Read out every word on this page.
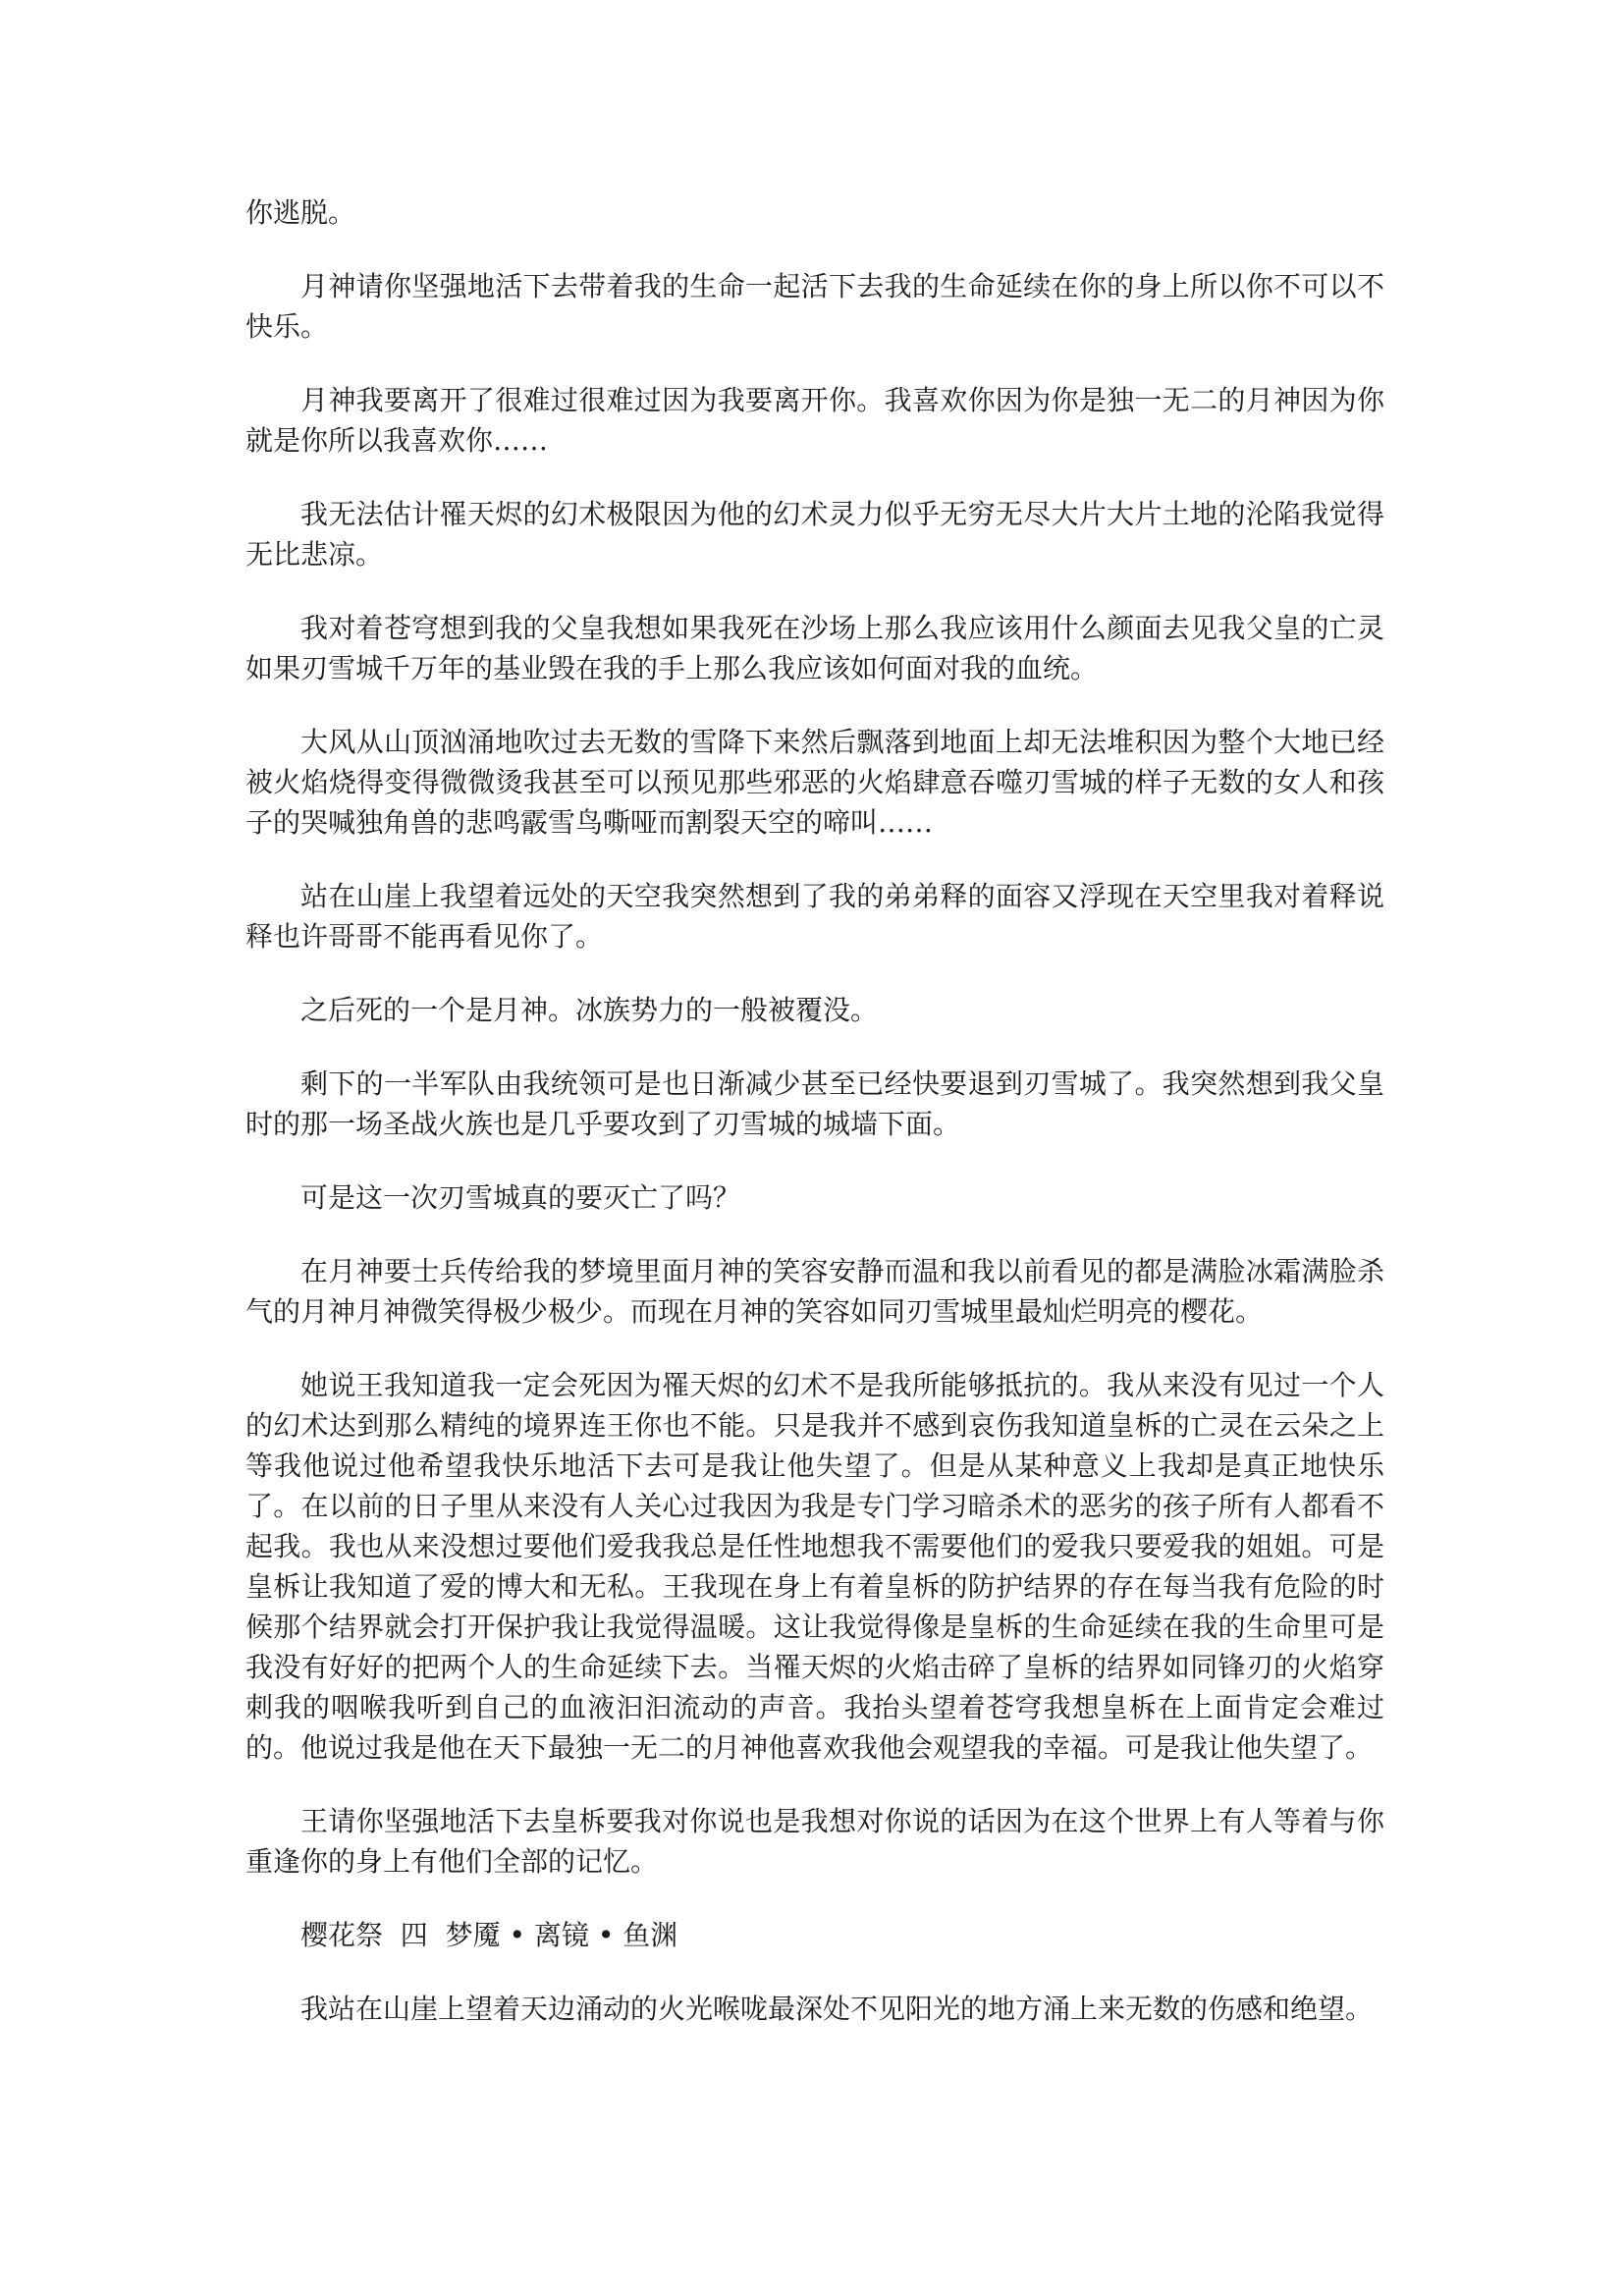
你逃脱。

月神请你坚强地活下去带着我的生命一起活下去我的生命延续在你的身上所以你不可以不快乐。

月神我要离开了很难过很难过因为我要离开你。我喜欢你因为你是独一无二的月神因为你就是你所以我喜欢你……

我无法估计罹天烬的幻术极限因为他的幻术灵力似乎无穷无尽大片大片土地的沦陷我觉得无比悲凉。

我对着苍穹想到我的父皇我想如果我死在沙场上那么我应该用什么颜面去见我父皇的亡灵如果刃雪城千万年的基业毁在我的手上那么我应该如何面对我的血统。

大风从山顶汹涌地吹过去无数的雪降下来然后飘落到地面上却无法堆积因为整个大地已经被火焰烧得变得微微烫我甚至可以预见那些邪恶的火焰肆意吞噬刃雪城的样子无数的女人和孩子的哭喊独角兽的悲鸣霰雪鸟嘶哑而割裂天空的啼叫……

站在山崖上我望着远处的天空我突然想到了我的弟弟释的面容又浮现在天空里我对着释说释也许哥哥不能再看见你了。

之后死的一个是月神。冰族势力的一般被覆没。

剩下的一半军队由我统领可是也日渐减少甚至已经快要退到刃雪城了。我突然想到我父皇时的那一场圣战火族也是几乎要攻到了刃雪城的城墙下面。

可是这一次刃雪城真的要灭亡了吗？

在月神要士兵传给我的梦境里面月神的笑容安静而温和我以前看见的都是满脸冰霜满脸杀气的月神月神微笑得极少极少。而现在月神的笑容如同刃雪城里最灿烂明亮的樱花。

她说王我知道我一定会死因为罹天烬的幻术不是我所能够抵抗的。我从来没有见过一个人的幻术达到那么精纯的境界连王你也不能。只是我并不感到哀伤我知道皇柝的亡灵在云朵之上等我他说过他希望我快乐地活下去可是我让他失望了。但是从某种意义上我却是真正地快乐了。在以前的日子里从来没有人关心过我因为我是专门学习暗杀术的恶劣的孩子所有人都看不起我。我也从来没想过要他们爱我我总是任性地想我不需要他们的爱我只要爱我的姐姐。可是皇柝让我知道了爱的博大和无私。王我现在身上有着皇柝的防护结界的存在每当我有危险的时候那个结界就会打开保护我让我觉得温暖。这让我觉得像是皇柝的生命延续在我的生命里可是我没有好好的把两个人的生命延续下去。当罹天烬的火焰击碎了皇柝的结界如同锋刃的火焰穿刺我的咽喉我听到自己的血液汩汩流动的声音。我抬头望着苍穹我想皇柝在上面肯定会难过的。他说过我是他在天下最独一无二的月神他喜欢我他会观望我的幸福。可是我让他失望了。

王请你坚强地活下去皇柝要我对你说也是我想对你说的话因为在这个世界上有人等着与你重逢你的身上有他们全部的记忆。

樱花祭  四  梦魇 • 离镜 • 鱼渊

我站在山崖上望着天边涌动的火光喉咙最深处不见阳光的地方涌上来无数的伤感和绝望。
